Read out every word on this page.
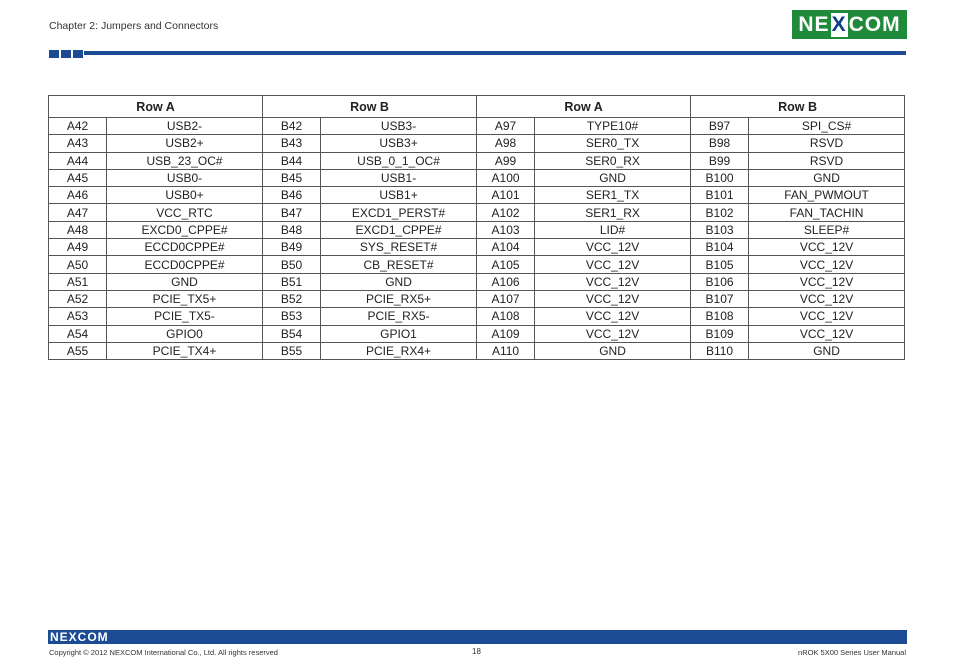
Chapter 2: Jumpers and Connectors	NE X COM
Row A		Row B		Row A		Row B	
A42	USB2-	B42	USB3-	A97	TYPE10#	B97	SPI_CS#
A43	USB2+	B43	USB3+	A98	SER0_TX	B98	RSVD
A44	USB_23_OC#	B44	USB_0_1_OC#	A99	SER0_RX	B99	RSVD
A45	USB0-	B45	USB1-	A100	GND	B100	GND
A46	USB0+	B46	USB1+	A101	SER1_TX	B101	FAN_PWMOUT
A47	VCC_RTC	B47	EXCD1_PERST#	A102	SER1_RX	B102	FAN_TACHIN
A48	EXCD0_CPPE#	B48	EXCD1_CPPE#	A103	LID#	B103	SLEEP#
A49	ECCD0CPPE#	B49	SYS_RESET#	A104	VCC_12V	B104	VCC_12V
A50	ECCD0CPPE#	B50	CB_RESET#	A105	VCC_12V	B105	VCC_12V
A51	GND	B51	GND	A106	VCC_12V	B106	VCC_12V
A52	PCIE_TX5+	B52	PCIE_RX5+	A107	VCC_12V	B107	VCC_12V
A53	PCIE_TX5-	B53	PCIE_RX5-	A108	VCC_12V	B108	VCC_12V
A54	GPIO0	B54	GPIO1	A109	VCC_12V	B109	VCC_12V
A55	PCIE_TX4+	B55	PCIE_RX4+	A110	GND	B110	GND
NEXCOM
Copyright © 2012 NEXCOM International Co., Ltd. All rights reserved	18	nROK 5X00 Series User Manual
